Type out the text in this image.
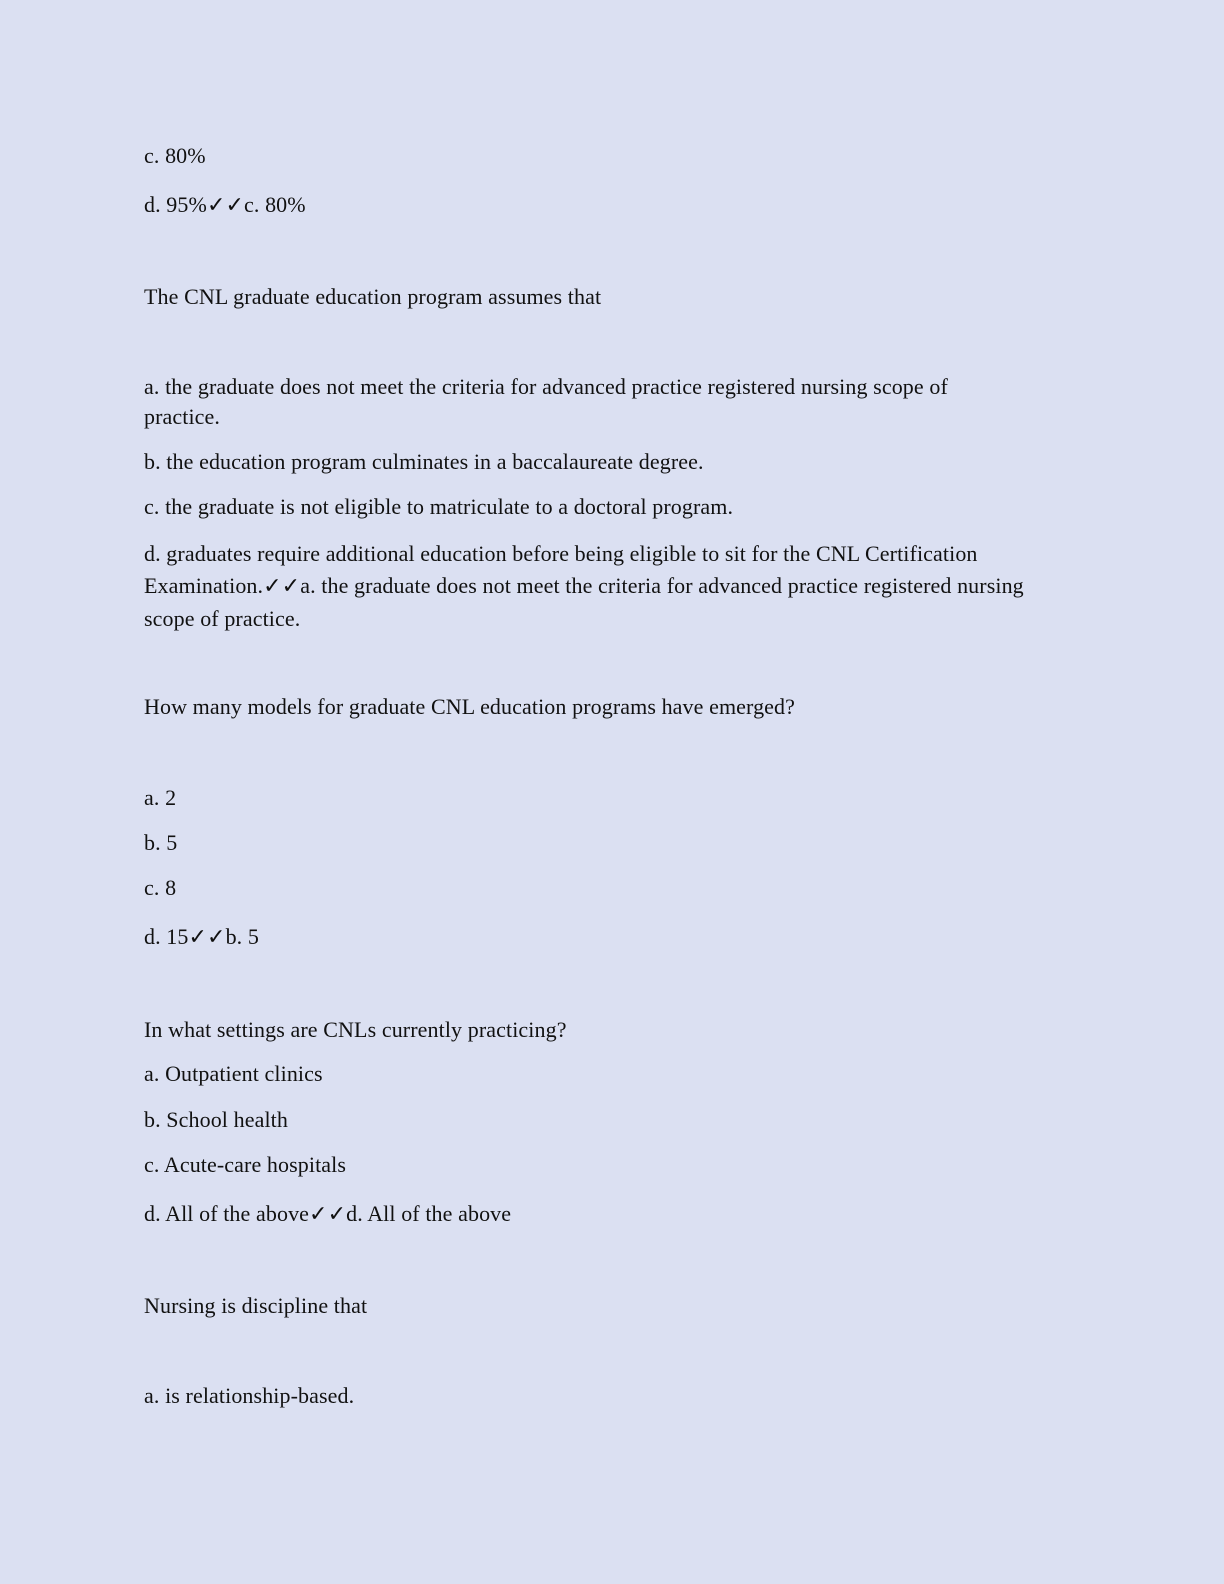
c. 80%
d. 95%✓✓c. 80%
The CNL graduate education program assumes that
a. the graduate does not meet the criteria for advanced practice registered nursing scope of practice.
b. the education program culminates in a baccalaureate degree.
c. the graduate is not eligible to matriculate to a doctoral program.
d. graduates require additional education before being eligible to sit for the CNL Certification Examination.✓✓a. the graduate does not meet the criteria for advanced practice registered nursing scope of practice.
How many models for graduate CNL education programs have emerged?
a. 2
b. 5
c. 8
d. 15✓✓b. 5
In what settings are CNLs currently practicing?
a. Outpatient clinics
b. School health
c. Acute-care hospitals
d. All of the above✓✓d. All of the above
Nursing is discipline that
a. is relationship-based.
